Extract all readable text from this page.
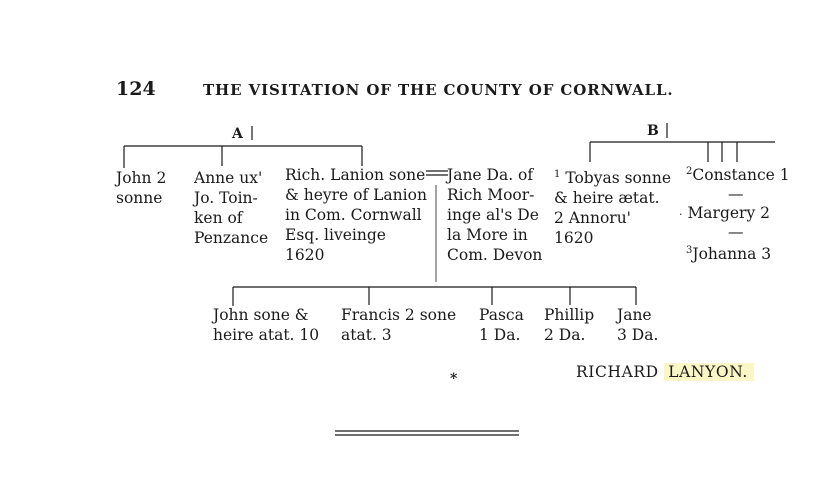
124	THE VISITATION OF THE COUNTY OF CORNWALL.
A	B
John 2
sonne
Anne ux'
Jo. Toin-
ken of
Penzance
Rich. Lanion sone
& heyre of Lanion
in Com. Cornwall
Esq. liveinge
1620
Jane Da. of
Rich Moor-
inge al's De
la More in
Com. Devon
$^1$ Tobyas sonne
& heire ætat.
2 Annoru'
1620
$^2$Constance 1
—
· Margery 2
—
$^3$Johanna 3
John sone &
heire atat. 10
Francis 2 sone
atat. 3
Pasca
1 Da.
Phillip
2 Da.
Jane
3 Da.
RICHARD LANYON.
*
